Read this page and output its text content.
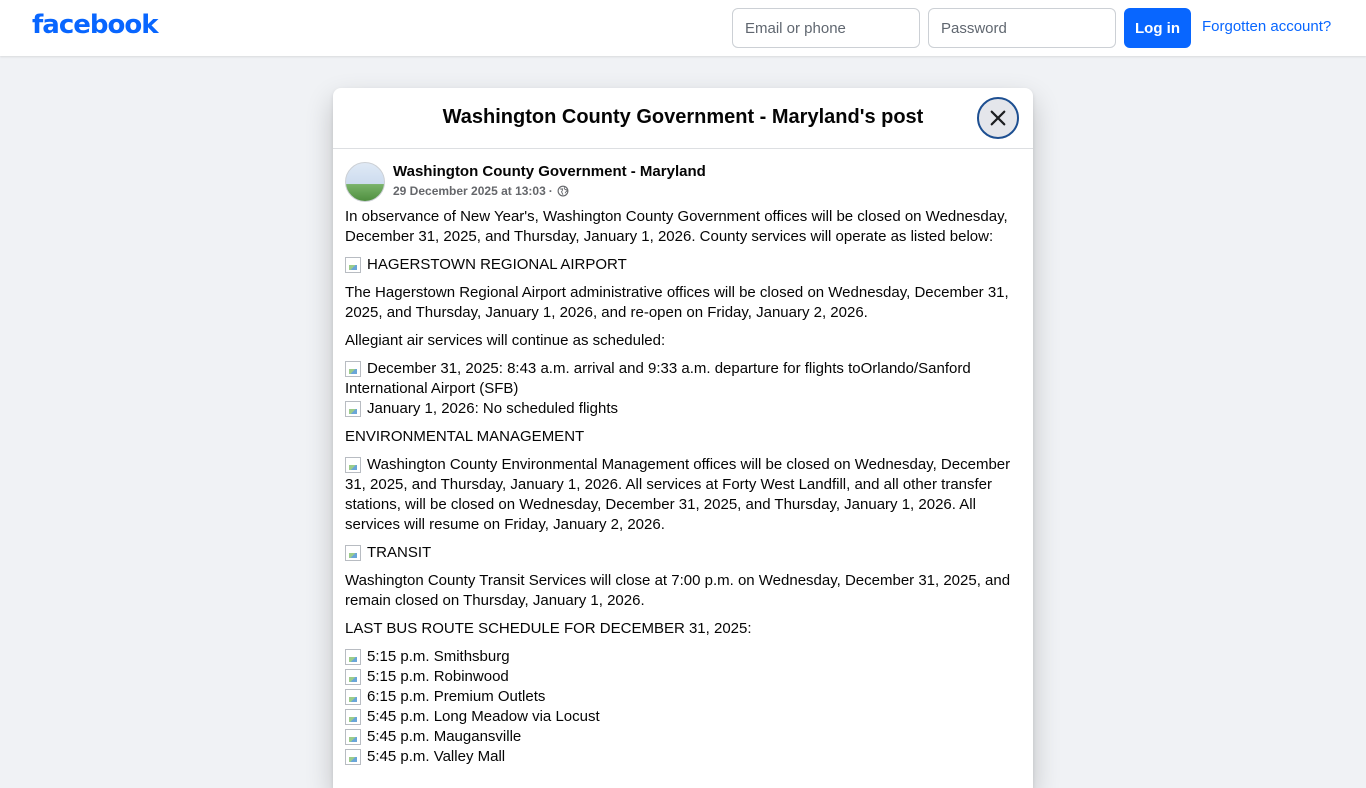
facebook
Email or phone	Log in	Forgotten account?
Washington County Government - Maryland's post
Washington County Government - Maryland
29 December 2025 at 13:03 ·

In observance of New Year's, Washington County Government offices will be closed on Wednesday, December 31, 2025, and Thursday, January 1, 2026. County services will operate as listed below:

HAGERSTOWN REGIONAL AIRPORT

The Hagerstown Regional Airport administrative offices will be closed on Wednesday, December 31, 2025, and Thursday, January 1, 2026, and re-open on Friday, January 2, 2026.

Allegiant air services will continue as scheduled:

December 31, 2025: 8:43 a.m. arrival and 9:33 a.m. departure for flights toOrlando/Sanford International Airport (SFB)
January 1, 2026: No scheduled flights

ENVIRONMENTAL MANAGEMENT

Washington County Environmental Management offices will be closed on Wednesday, December 31, 2025, and Thursday, January 1, 2026. All services at Forty West Landfill, and all other transfer stations, will be closed on Wednesday, December 31, 2025, and Thursday, January 1, 2026. All services will resume on Friday, January 2, 2026.

TRANSIT

Washington County Transit Services will close at 7:00 p.m. on Wednesday, December 31, 2025, and remain closed on Thursday, January 1, 2026.

LAST BUS ROUTE SCHEDULE FOR DECEMBER 31, 2025:

5:15 p.m. Smithsburg
5:15 p.m. Robinwood
6:15 p.m. Premium Outlets
5:45 p.m. Long Meadow via Locust
5:45 p.m. Maugansville
5:45 p.m. Valley Mall
